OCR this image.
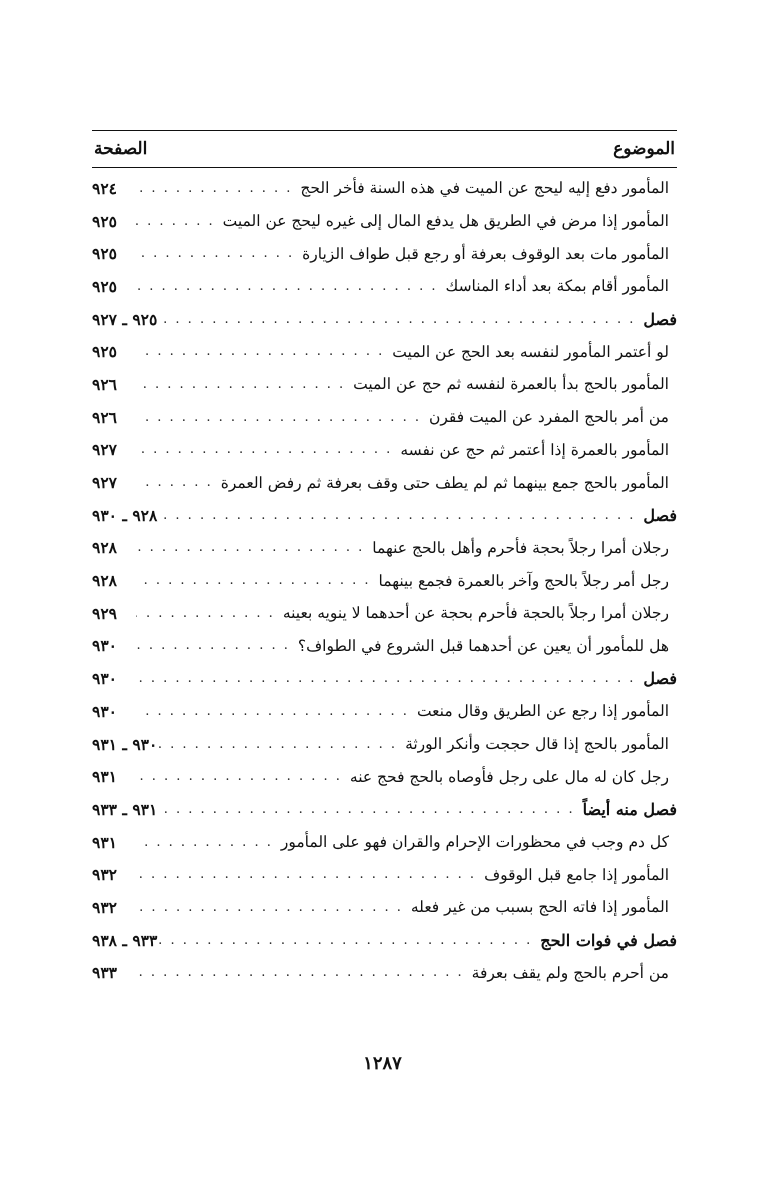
الموضوع
الصفحة
المأمور دفع إليه ليحج عن الميت في هذه السنة فأخر الحج
. . .
٩٢٤
المأمور إذا مرض في الطريق هل يدفع المال إلى غيره ليحج عن الميت
. . .
٩٢٥
المأمور مات بعد الوقوف بعرفة أو رجع قبل طواف الزيارة
. . .
٩٢٥
المأمور أقام بمكة بعد أداء المناسك
. . .
٩٢٥
فصل
. . .
٩٢٥ ـ ٩٢٧
لو أعتمر المأمور لنفسه بعد الحج عن الميت
. . .
٩٢٥
المأمور بالحج بدأ بالعمرة لنفسه ثم حج عن الميت
. . .
٩٢٦
من أمر بالحج المفرد عن الميت فقرن
. . .
٩٢٦
المأمور بالعمرة إذا أعتمر ثم حج عن نفسه
. . .
٩٢٧
المأمور بالحج جمع بينهما ثم لم يطف حتى وقف بعرفة ثم رفض العمرة
. . .
٩٢٧
فصل
. . .
٩٢٨ ـ ٩٣٠
رجلان أمرا رجلاً بحجة فأحرم وأهل بالحج عنهما
. . .
٩٢٨
رجل أمر رجلاً بالحج وآخر بالعمرة فجمع بينهما
. . .
٩٢٨
رجلان أمرا رجلاً بالحجة فأحرم بحجة عن أحدهما لا ينويه بعينه
. . .
٩٢٩
هل للمأمور أن يعين عن أحدهما قبل الشروع في الطواف؟
. . .
٩٣٠
فصل
. . .
٩٣٠
المأمور إذا رجع عن الطريق وقال منعت
. . .
٩٣٠
المأمور بالحج إذا قال حججت وأنكر الورثة
. . .
٩٣٠ ـ ٩٣١
رجل كان له مال على رجل فأوصاه بالحج فحج عنه
. . .
٩٣١
فصل منه أيضاً
. . .
٩٣١ ـ ٩٣٣
كل دم وجب في محظورات الإحرام والقران فهو على المأمور
. . .
٩٣١
المأمور إذا جامع قبل الوقوف
. . .
٩٣٢
المأمور إذا فاته الحج بسبب من غير فعله
. . .
٩٣٢
فصل في فوات الحج
. . .
٩٣٣ ـ ٩٣٨
من أحرم بالحج ولم يقف بعرفة
. . .
٩٣٣
١٢٨٧
